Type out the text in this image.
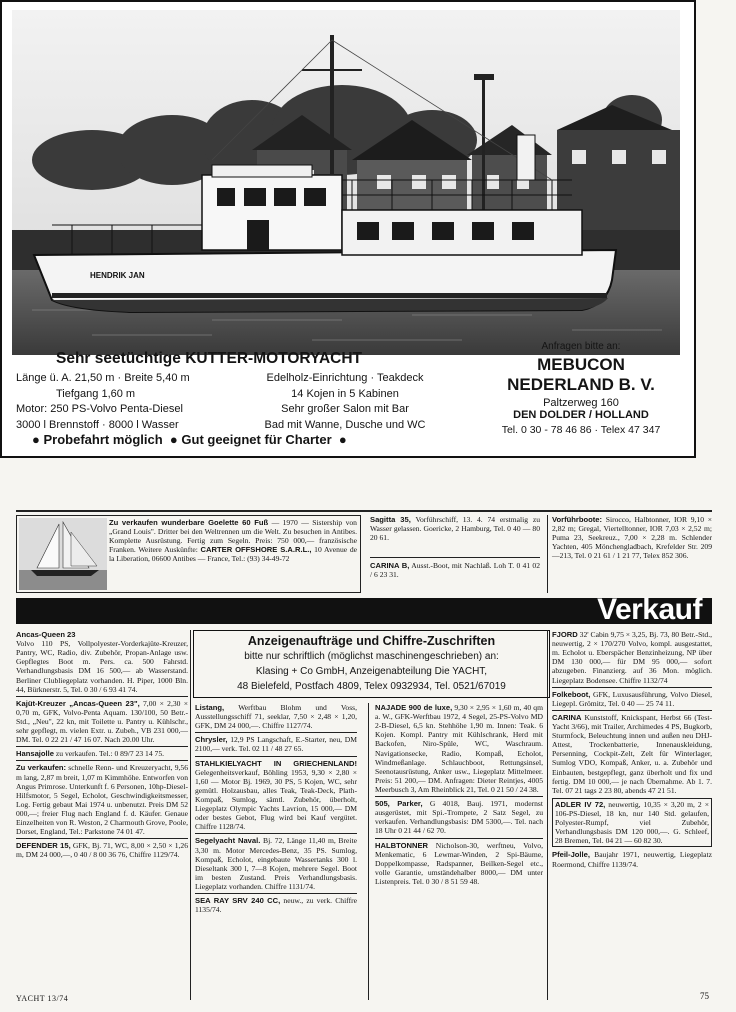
HENDRIK JAN
Sehr seetüchtige KUTTER-MOTORYACHT
Länge ü. A. 21,50 m · Breite 5,40 m
Tiefgang 1,60 m
Motor: 250 PS-Volvo Penta-Diesel
3000 l Brennstoff · 8000 l Wasser
Edelholz-Einrichtung · Teakdeck
14 Kojen in 5 Kabinen
Sehr großer Salon mit Bar
Bad mit Wanne, Dusche und WC
● Probefahrt möglich  ● Gut geeignet für Charter  ●
Anfragen bitte an:
MEBUCON
NEDERLAND B. V.
Paltzerweg 160
DEN DOLDER / HOLLAND
Tel. 0 30 - 78 46 86 · Telex 47 347
Zu verkaufen wunderbare Goelette 60 Fuß — 1970 — Sistership von „Grand Louis". Dritter bei den Weltrennen um die Welt. Zu besuchen in Antibes. Komplette Ausrüstung. Fertig zum Segeln. Preis: 750 000,— französische Franken. Weitere Auskünfte: CARTER OFFSHORE S.A.R.L., 10 Avenue de la Liberation, 06600 Antibes — France, Tel.: (93) 34-49-72
Sagitta 35, Vorführschiff, 13. 4. 74 erstmalig zu Wasser gelassen. Goericke, 2 Hamburg, Tel. 0 40 — 80 20 61.
CARINA B, Ausst.-Boot, mit Nachlaß. Loh T. 0 41 02 / 6 23 31.
Vorführboote: Sirocco, Halbtonner, IOR 9,10 × 2,82 m; Gregal, Viertelltonner, IOR 7,03 × 2,52 m; Puma 23, Seekreuz., 7,00 × 2,28 m. Schlender Yachten, 405 Mönchengladbach, Krefelder Str. 209—213, Tel. 0 21 61 / 1 21 77, Telex 852 306.
Verkauf
Anzeigenaufträge und Chiffre-Zuschriften
bitte nur schriftlich (möglichst maschinengeschrieben) an:
Klasing + Co GmbH, Anzeigenabteilung Die YACHT,
48 Bielefeld, Postfach 4809, Telex 0932934, Tel. 0521/67019
Ancas-Queen 23
Volvo 110 PS, Vollpolyester-Vorderkajüte-Kreuzer, Pantry, WC, Radio, div. Zubehör, Propan-Anlage usw. Gepflegtes Boot m. Pers. ca. 500 Fahrstd. Verhandlungsbasis DM 16 500,— ab Wasserstand. Berliner Clubliegeplatz vorhanden. H. Piper, 1000 Bln. 44, Bürknerstr. 5, Tel. 0 30 / 6 93 41 74.
Kajüt-Kreuzer „Ancas-Queen 23", 7,00 × 2,30 × 0,70 m, GFK, Volvo-Penta Aquam. 130/100, 50 Betr.-Std., „Neu", 22 kn, mit Toilette u. Pantry u. Kühlschr., sehr gepflegt, m. vielen Extr. u. Zubeh., VB 231 000,— DM. Tel. 0 22 21 / 47 16 07. Nach 20.00 Uhr.
Hansajolle zu verkaufen. Tel.: 0 89/7 23 14 75.
Zu verkaufen: schnelle Renn- und Kreuzeryacht, 9,56 m lang, 2,87 m breit, 1,07 m Kimmhöhe. Entworfen von Angus Primrose. Unterkunft f. 6 Personen, 10hp-Diesel-Hilfsmotor, 5 Segel, Echolot, Geschwindigkeitsmesser, Log. Fertig gebaut Mai 1974 u. unbenutzt. Preis DM 52 000,—; freier Flug nach England f. d. Käufer. Genaue Einzelheiten von R. Weston, 2 Charmouth Grove, Poole, Dorset, England, Tel.: Parkstone 74 01 47.
DEFENDER 15, GFK, Bj. 71, WC, 8,00 × 2,50 × 1,26 m, DM 24 000,—, 0 40 / 8 00 36 76, Chiffre 1129/74.
Listang, Werftbau Blohm und Voss, Ausstellungsschiff 71, seeklar, 7,50 × 2,48 × 1,20, GFK, DM 24 000,—. Chiffre 1127/74.
Chrysler, 12,9 PS Langschaft, E.-Starter, neu, DM 2100,— verk. Tel. 02 11 / 48 27 65.
STAHLKIELYACHT IN GRIECHENLAND! Gelegenheitsverkauf, Böhling 1953, 9,30 × 2,80 × 1,60 — Motor Bj. 1969, 30 PS, 5 Kojen, WC, sehr gemütl. Holzausbau, alles Teak, Teak-Deck, Plath-Kompaß, Sumlog, sämtl. Zubehör, überholt, Liegeplatz Olympic Yachts Lavrion, 15 000,— DM oder bestes Gebot, Flug wird bei Kauf vergütet. Chiffre 1128/74.
Segelyacht Naval. Bj. 72, Länge 11,40 m, Breite 3,30 m. Motor Mercedes-Benz, 35 PS. Sumlog, Kompaß, Echolot, eingebaute Wassertanks 300 l. Dieseltank 300 l, 7—8 Kojen, mehrere Segel. Boot im besten Zustand. Preis Verhandlungsbasis. Liegeplatz vorhanden. Chiffre 1131/74.
SEA RAY SRV 240 CC, neuw., zu verk. Chiffre 1135/74.
NAJADE 900 de luxe, 9,30 × 2,95 × 1,60 m, 40 qm a. W., GFK-Werftbau 1972, 4 Segel, 25-PS-Volvo MD 2-B-Diesel, 6,5 kn. Stehhöhe 1,90 m. Innen: Teak. 6 Kojen. Kompl. Pantry mit Kühlschrank, Herd mit Backofen, Niro-Spüle, WC, Waschraum. Navigationsecke, Radio, Kompaß, Echolot, Windmeßanlage. Schlauchboot, Rettungsinsel, Seenotausrüstung, Anker usw., Liegeplatz Mittelmeer. Preis: 51 200,— DM. Anfragen: Dieter Reintjes, 4005 Meerbusch 3, Am Rheinblick 21, Tel. 0 21 50 / 24 38.
505, Parker, G 4018, Bauj. 1971, modernst ausgerüstet, mit Spi.-Trompete, 2 Satz Segel, zu verkaufen. Verhandlungsbasis: DM 5300,—. Tel. nach 18 Uhr 0 21 44 / 62 70.
HALBTONNER Nicholson-30, werftneu, Volvo, Menkematic, 6 Lewmar-Winden, 2 Spi-Bäume, Doppelkompasse, Radspanner, Beilken-Segel etc., volle Garantie, umständehalber 8000,— DM unter Listenpreis. Tel. 0 30 / 8 51 59 48.
FJORD 32' Cabin 9,75 × 3,25, Bj. 73, 80 Betr.-Std., neuwertig, 2 × 170/270 Volvo, kompl. ausgestattet, m. Echolot u. Eberspächer Benzinheizung, NP über DM 130 000,— für DM 95 000,— sofort abzugeben. Finanzierg. auf 36 Mon. möglich. Liegeplatz Bodensee. Chiffre 1132/74
Folkeboot, GFK, Luxusausführung, Volvo Diesel, Liegepl. Grömitz, Tel. 0 40 — 25 74 11.
CARINA Kunststoff, Knickspant, Herbst 66 (Test-Yacht 3/66), mit Trailer, Archimedes 4 PS, Bugkorb, Sturmfock, Beleuchtung innen und außen neu DHJ-Attest, Trockenbatterie, Innenauskleidung, Persenning, Cockpit-Zelt, Zelt für Winterlager, Sumlog VDO, Kompaß, Anker, u. a. Zubehör und Einbauten, bestgepflegt, ganz überholt und fix und fertig. DM 10 000,— je nach Übernahme. Ab 1. 7. Tel. 07 21 tags 2 23 80, abends 47 21 51.
ADLER IV 72, neuwertig, 10,35 × 3,20 m, 2 × 106-PS-Diesel, 18 kn, nur 140 Std. gelaufen, Polyester-Rumpf, viel Zubehör, Verhandlungsbasis DM 120 000,—. G. Schleef, 28 Bremen, Tel. 04 21 — 60 82 30.
Pfeil-Jolle, Baujahr 1971, neuwertig, Liegeplatz Roermond, Chiffre 1139/74.
YACHT 13/74	75
